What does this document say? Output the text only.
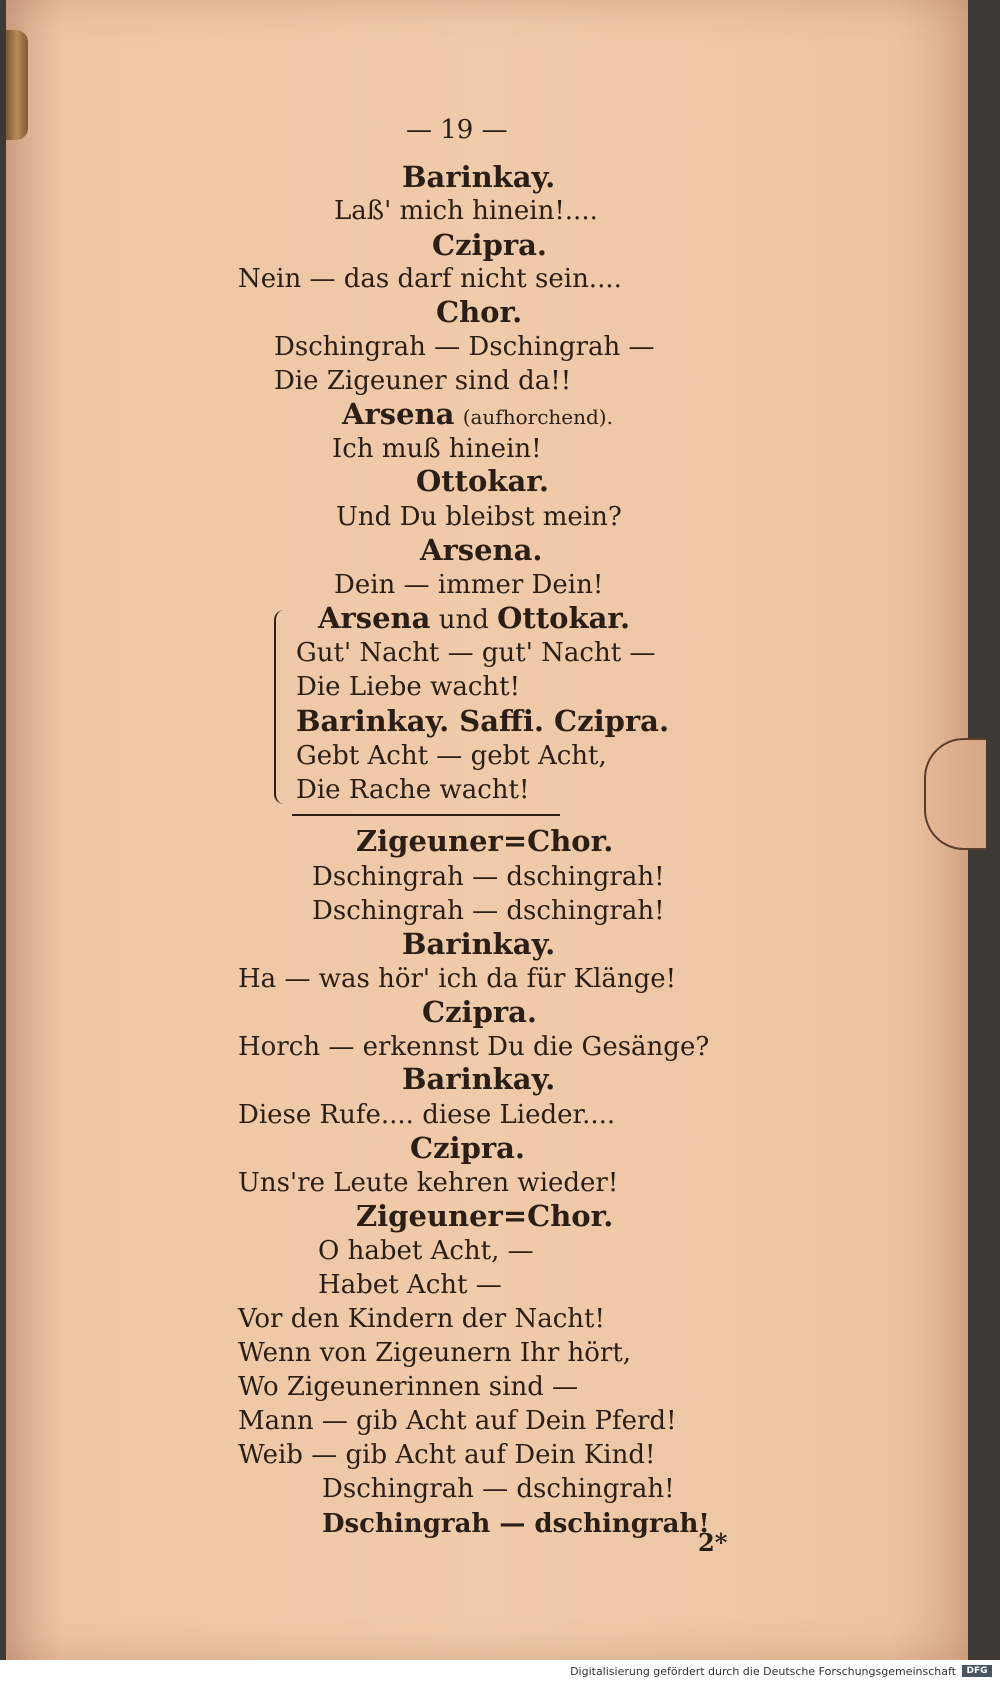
— 19 —
Barinkay.
Laß' mich hinein!....
Czipra.
Nein — das darf nicht sein....
Chor.
Dschingrah — Dschingrah —
Die Zigeuner sind da!!
Arsena (aufhorchend).
Ich muß hinein!
Ottokar.
Und Du bleibst mein?
Arsena.
Dein — immer Dein!
Arsena und Ottokar.
Gut' Nacht — gut' Nacht —
Die Liebe wacht!
Barinkay. Saffi. Czipra.
Gebt Acht — gebt Acht,
Die Rache wacht!
Zigeuner=Chor.
Dschingrah — dschingrah!
Dschingrah — dschingrah!
Barinkay.
Ha — was hör' ich da für Klänge!
Czipra.
Horch — erkennst Du die Gesänge?
Barinkay.
Diese Rufe.... diese Lieder....
Czipra.
Uns're Leute kehren wieder!
Zigeuner=Chor.
O habet Acht, —
Habet Acht —
Vor den Kindern der Nacht!
Wenn von Zigeunern Ihr hört,
Wo Zigeunerinnen sind —
Mann — gib Acht auf Dein Pferd!
Weib — gib Acht auf Dein Kind!
Dschingrah — dschingrah!
Dschingrah — dschingrah!
2*
Digitalisierung gefördert durch die Deutsche Forschungsgemeinschaft	DFG
